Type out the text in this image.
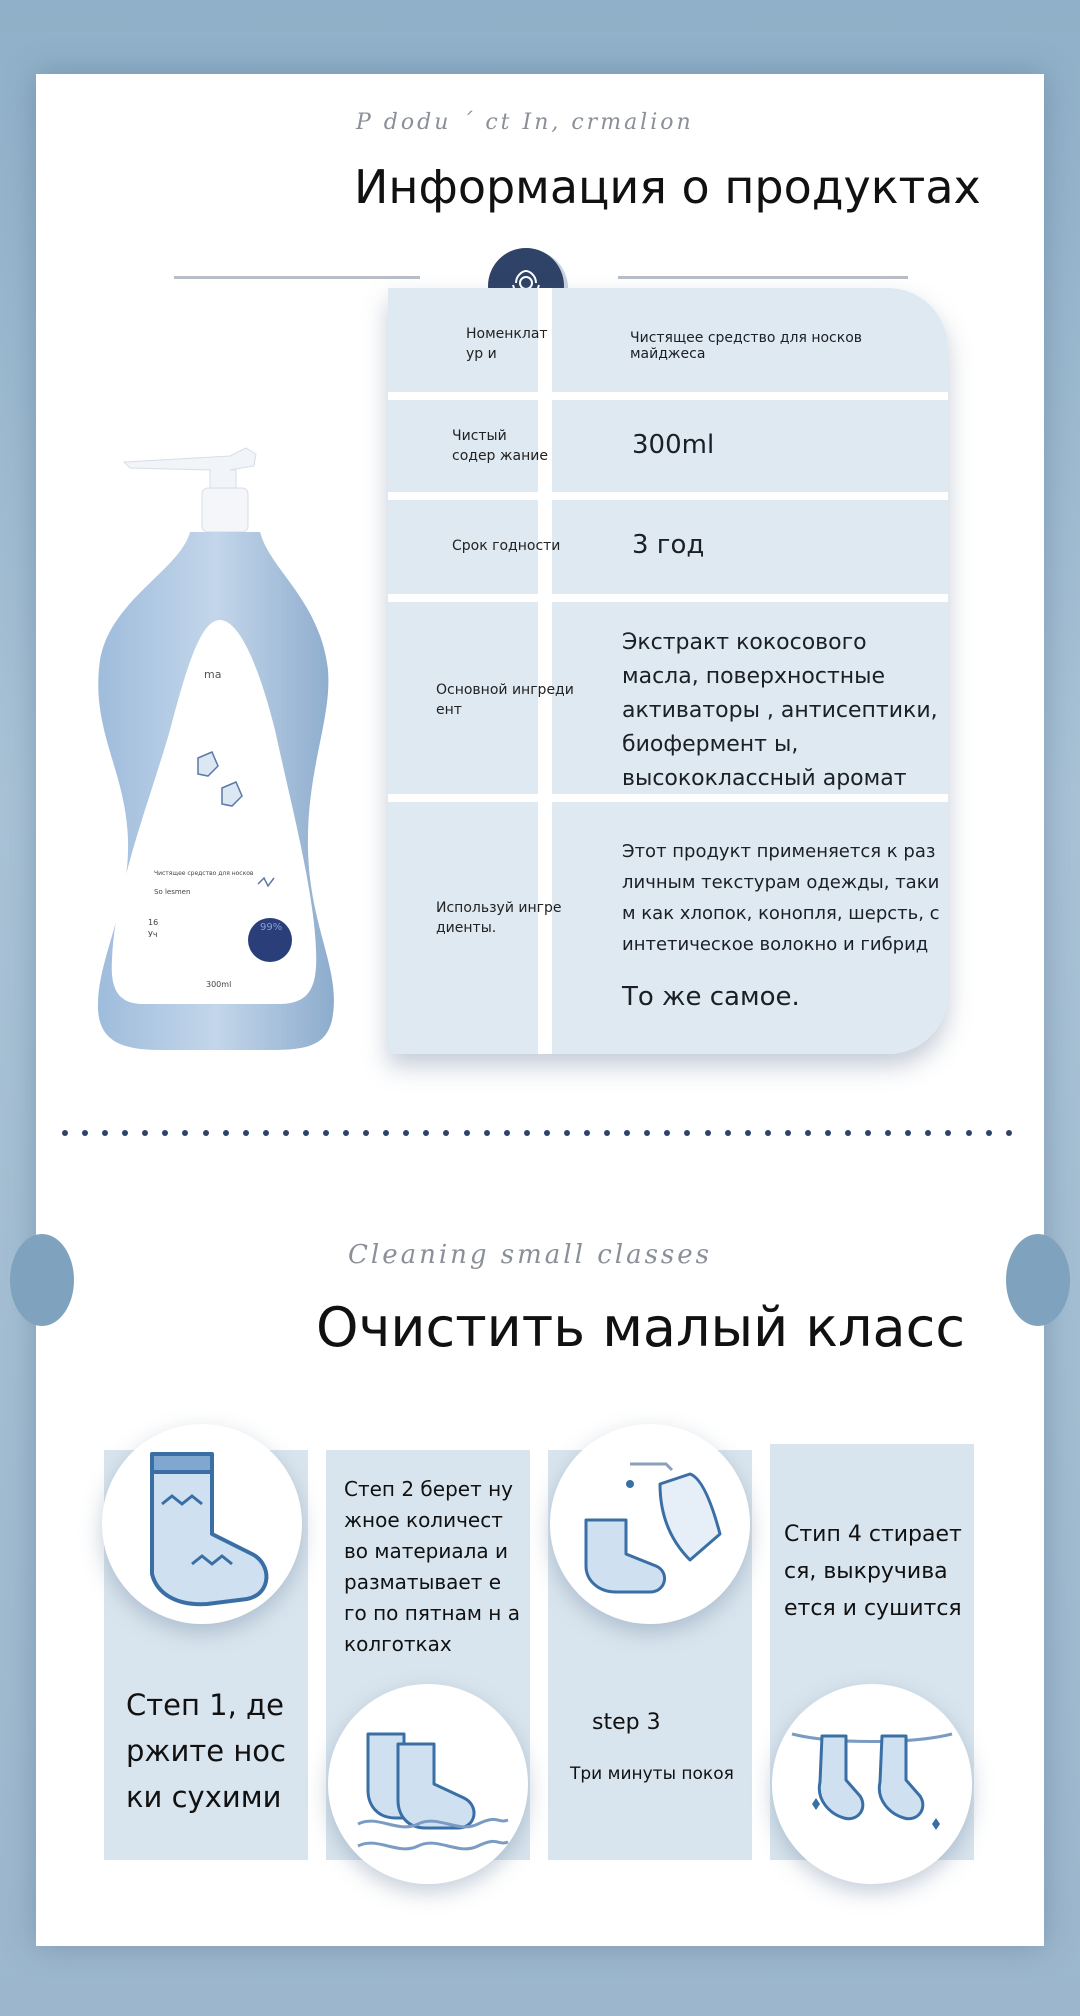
P dodu ´ ct In, crmalion
Информация о продуктах
ma
Чистящее средство для носков
So lesmen
16
Уч
99%
300ml
Номенклат ур и
Чистящее средство для носков майджеса
Чистый содер жание	300ml
Срок годности	3 год
Основной ингреди ент
Экстракт кокосового масла, поверхностные активаторы , антисептики, биофермент ы, высококлассный аромат
Используй ингре диенты.
Этот продукт применяется к раз личным текстурам одежды, таки м как хлопок, конопля, шерсть, с интетическое волокно и гибрид
То же самое.
Cleaning small classes
Очистить малый класс
Степ 1, де ржите нос ки сухими
Степ 2 берет ну жное количест во материала и разматывает е го по пятнам н а колготках
step 3
Три минуты покоя
Стип 4 стирает ся, выкручива ется и сушится
